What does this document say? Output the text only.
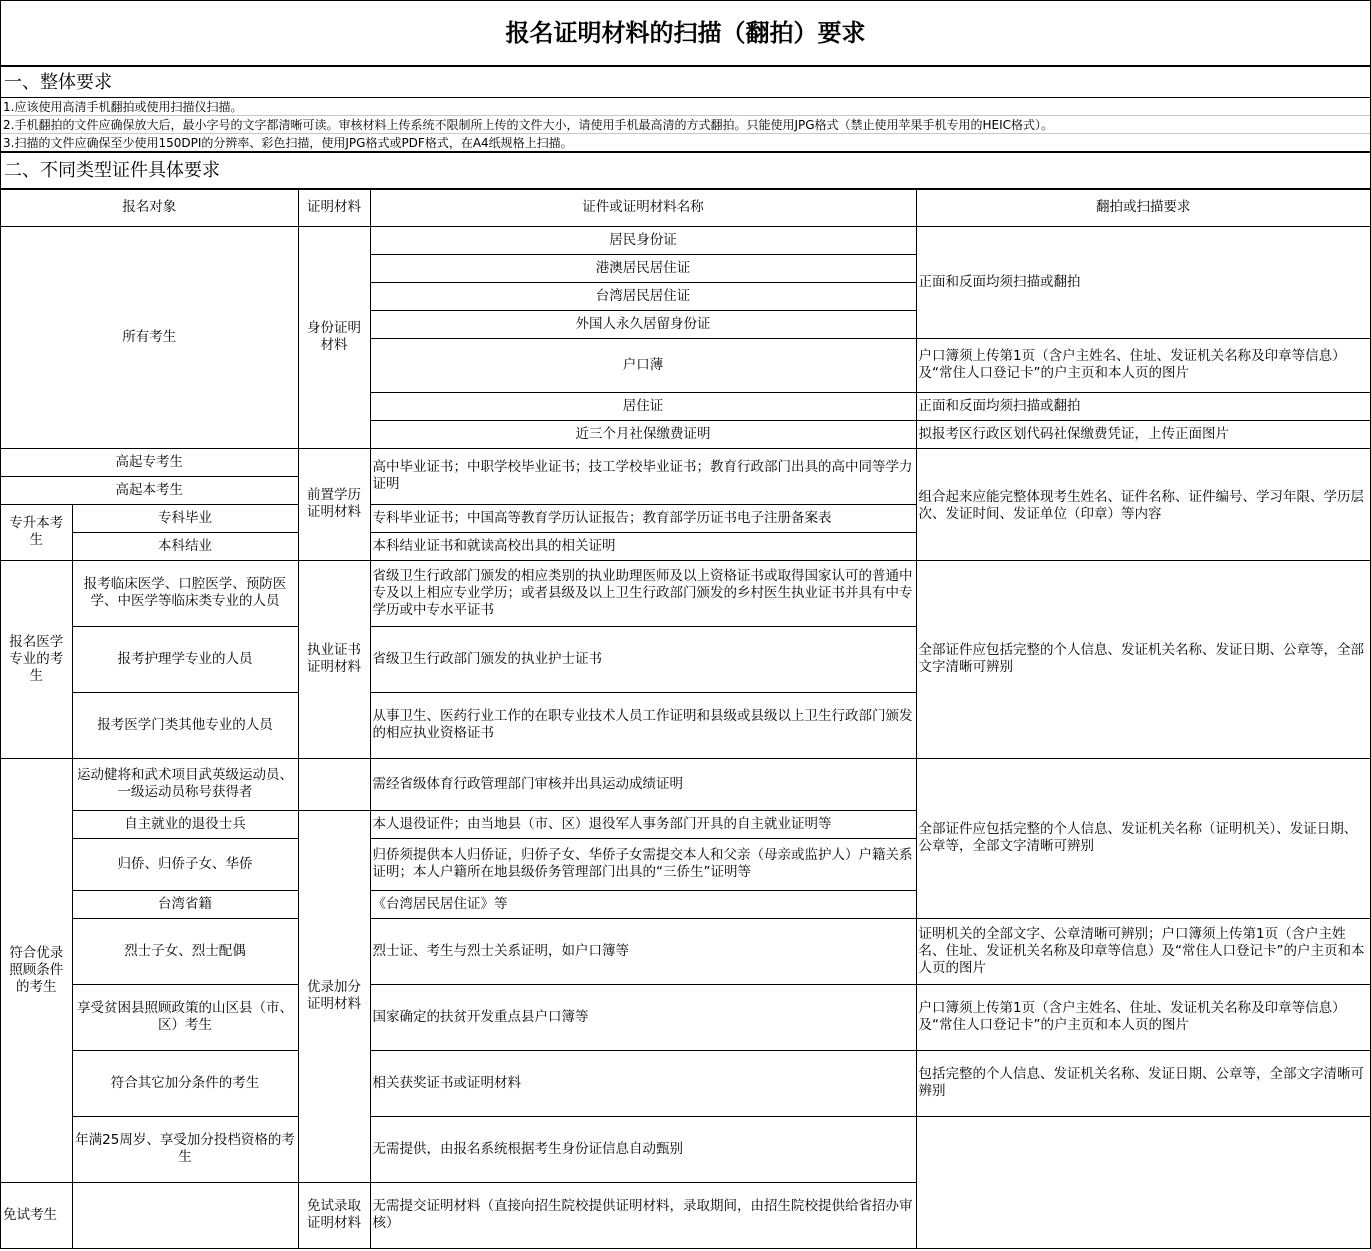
报名证明材料的扫描（翻拍）要求
一、整体要求
1.应该使用高清手机翻拍或使用扫描仪扫描。
2.手机翻拍的文件应确保放大后，最小字号的文字都清晰可读。审核材料上传系统不限制所上传的文件大小，请使用手机最高清的方式翻拍。只能使用JPG格式（禁止使用苹果手机专用的HEIC格式）。
3.扫描的文件应确保至少使用150DPI的分辨率、彩色扫描，使用JPG格式或PDF格式，在A4纸规格上扫描。
二、不同类型证件具体要求
报名对象		证明材料	证件或证明材料名称	翻拍或扫描要求
所有考生		身份证明材料	居民身份证	正面和反面均须扫描或翻拍
			港澳居民居住证	
			台湾居民居住证	
			外国人永久居留身份证	
			户口薄	户口簿须上传第1页（含户主姓名、住址、发证机关名称及印章等信息）及“常住人口登记卡”的户主页和本人页的图片
			居住证	正面和反面均须扫描或翻拍
			近三个月社保缴费证明	拟报考区行政区划代码社保缴费凭证，上传正面图片
高起专考生		前置学历证明材料	高中毕业证书；中职学校毕业证书；技工学校毕业证书；教育行政部门出具的高中同等学力证明	组合起来应能完整体现考生姓名、证件名称、证件编号、学习年限、学历层次、发证时间、发证单位（印章）等内容
高起本考生				
专升本考生	专科毕业		专科毕业证书；中国高等教育学历认证报告；教育部学历证书电子注册备案表	
	本科结业		本科结业证书和就读高校出具的相关证明	
报名医学专业的考生	报考临床医学、口腔医学、预防医学、中医学等临床类专业的人员	执业证书证明材料	省级卫生行政部门颁发的相应类别的执业助理医师及以上资格证书或取得国家认可的普通中专及以上相应专业学历；或者县级及以上卫生行政部门颁发的乡村医生执业证书并具有中专学历或中专水平证书	全部证件应包括完整的个人信息、发证机关名称、发证日期、公章等，全部文字清晰可辨别
	报考护理学专业的人员		省级卫生行政部门颁发的执业护士证书	
	报考医学门类其他专业的人员		从事卫生、医药行业工作的在职专业技术人员工作证明和县级或县级以上卫生行政部门颁发的相应执业资格证书	
符合优录照顾条件的考生	运动健将和武术项目武英级运动员、一级运动员称号获得者		需经省级体育行政管理部门审核并出具运动成绩证明	全部证件应包括完整的个人信息、发证机关名称（证明机关）、发证日期、公章等，全部文字清晰可辨别
	自主就业的退役士兵	优录加分证明材料	本人退役证件；由当地县（市、区）退役军人事务部门开具的自主就业证明等	
	归侨、归侨子女、华侨		归侨须提供本人归侨证，归侨子女、华侨子女需提交本人和父亲（母亲或监护人）户籍关系证明；本人户籍所在地县级侨务管理部门出具的“三侨生”证明等	
	台湾省籍		《台湾居民居住证》等	
	烈士子女、烈士配偶		烈士证、考生与烈士关系证明，如户口簿等	证明机关的全部文字、公章清晰可辨别；户口簿须上传第1页（含户主姓名、住址、发证机关名称及印章等信息）及“常住人口登记卡”的户主页和本人页的图片
	享受贫困县照顾政策的山区县（市、区）考生		国家确定的扶贫开发重点县户口簿等	户口簿须上传第1页（含户主姓名、住址、发证机关名称及印章等信息）及“常住人口登记卡”的户主页和本人页的图片
	符合其它加分条件的考生		相关获奖证书或证明材料	包括完整的个人信息、发证机关名称、发证日期、公章等，全部文字清晰可辨别
	年满25周岁、享受加分投档资格的考生		无需提供，由报名系统根据考生身份证信息自动甄别	
免试考生		免试录取证明材料	无需提交证明材料（直接向招生院校提供证明材料，录取期间，由招生院校提供给省招办审核）	
